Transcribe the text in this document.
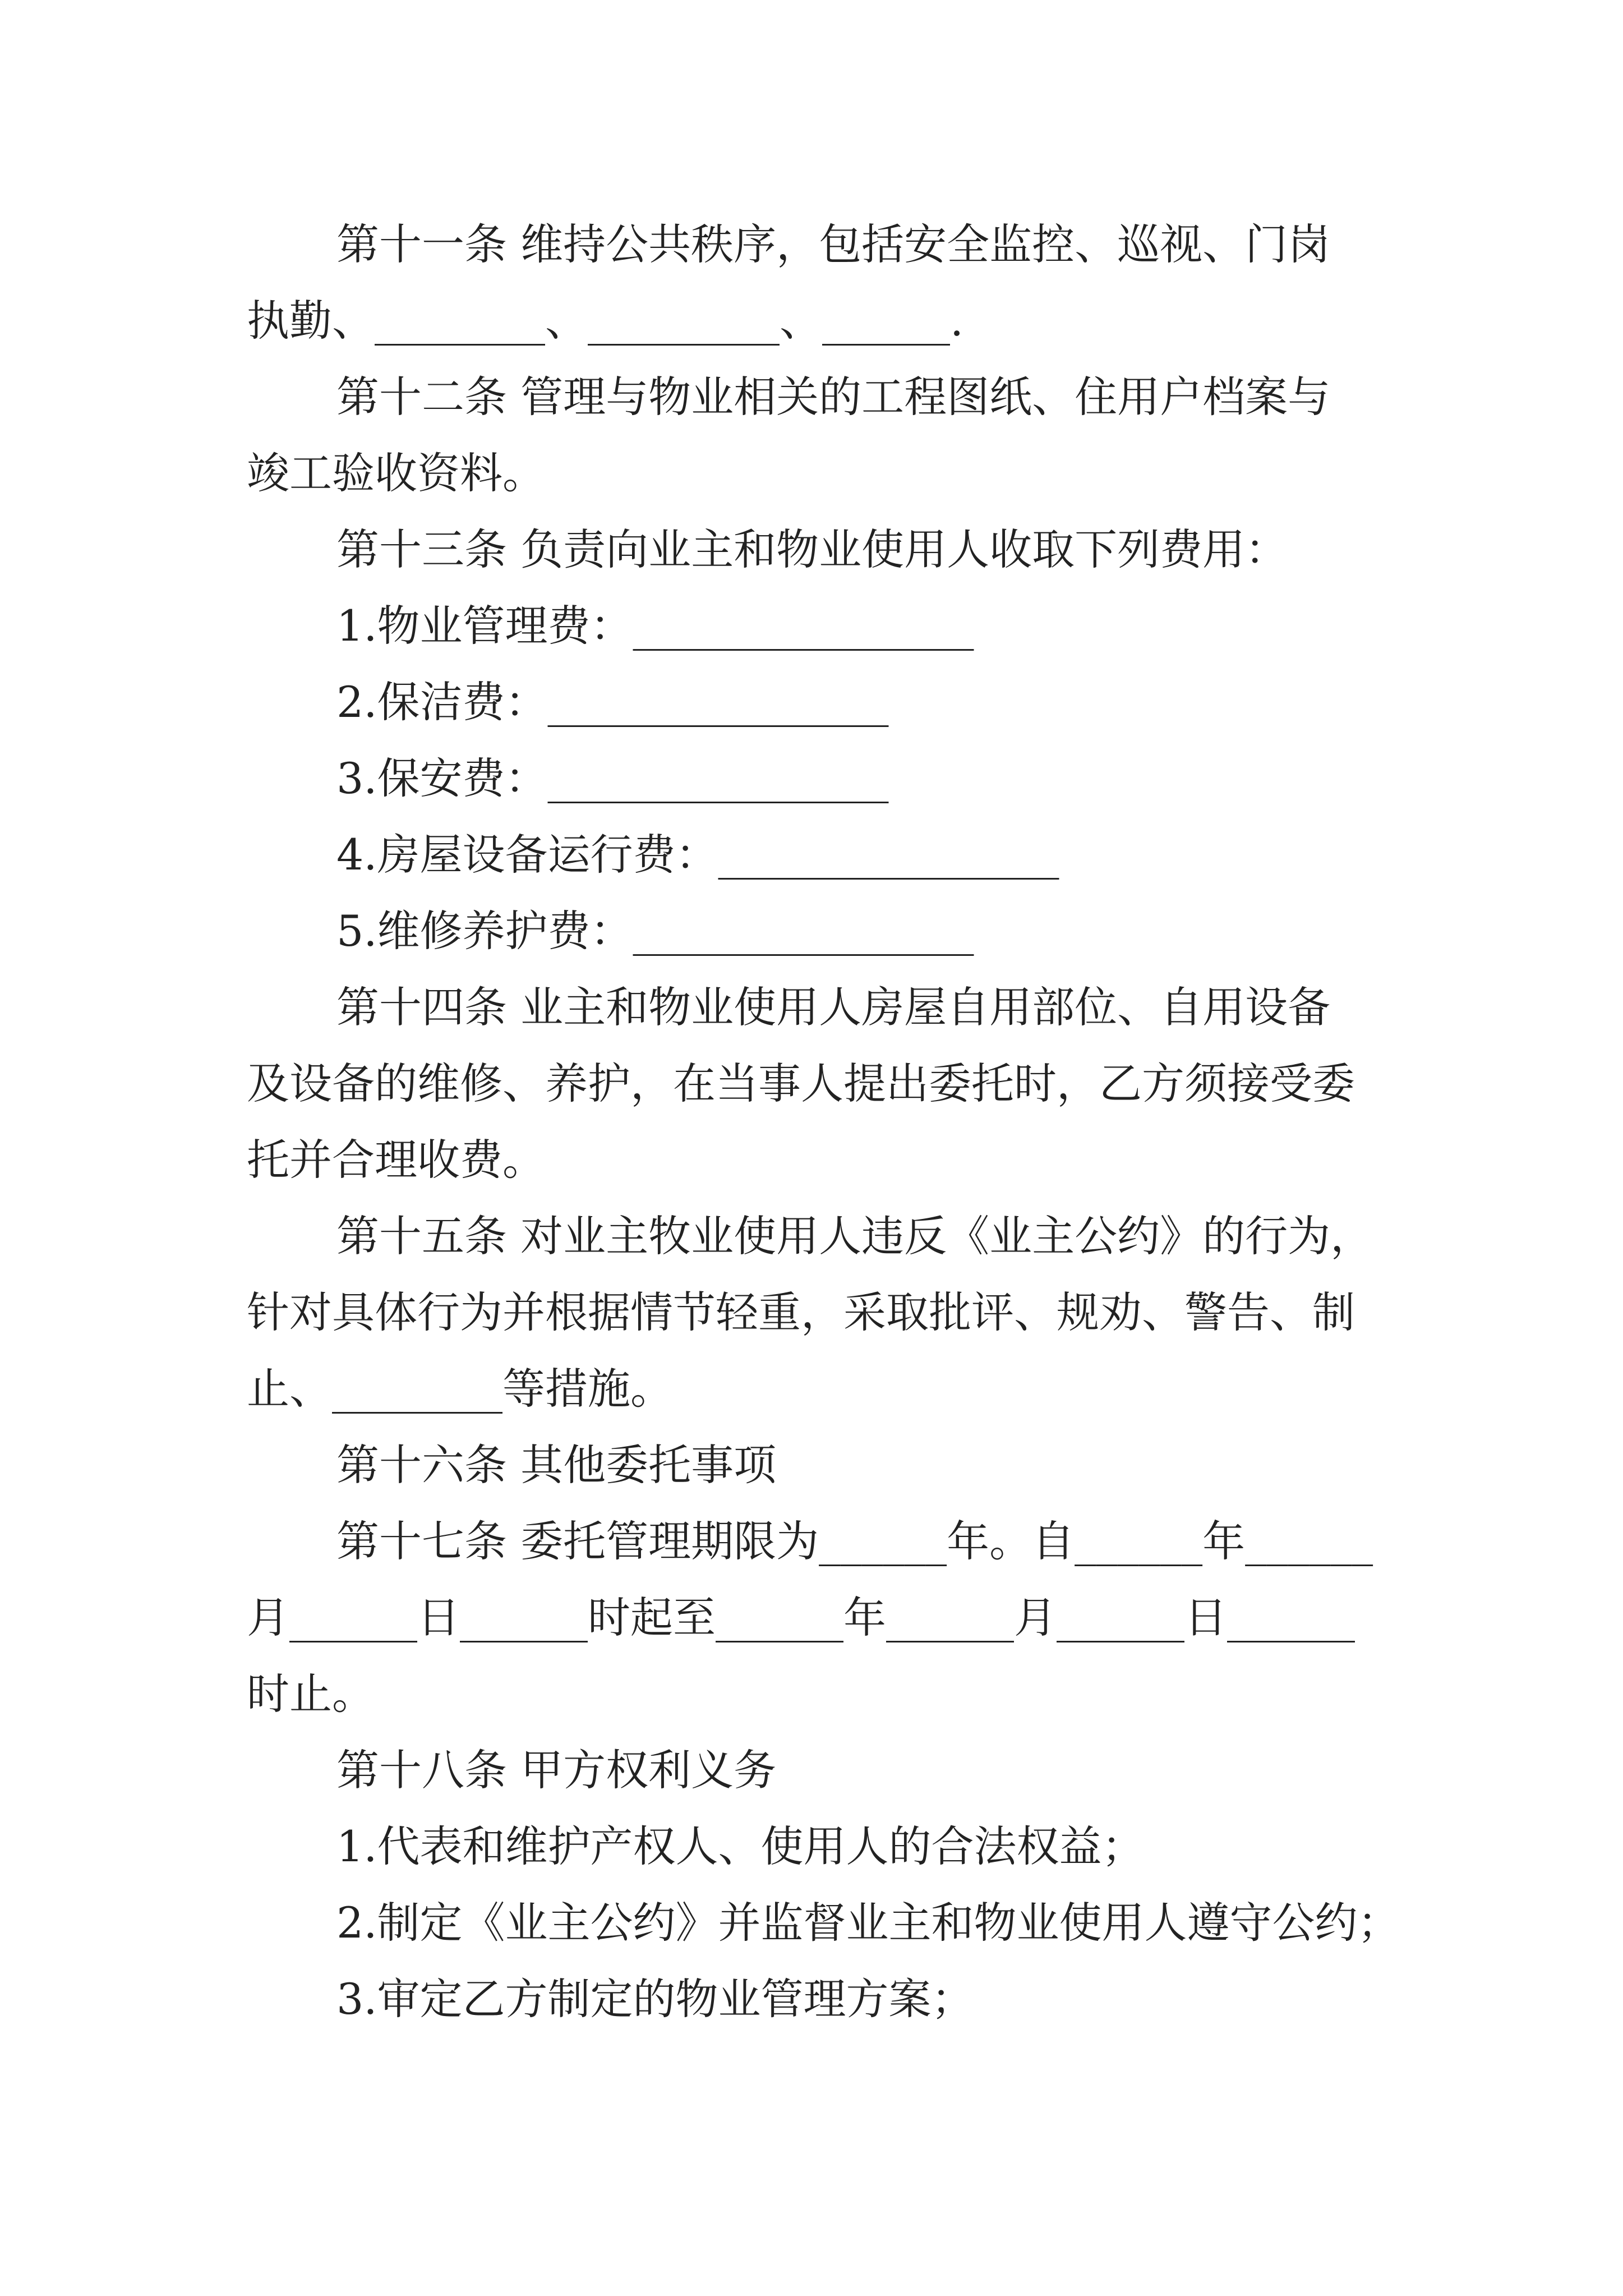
第十一条 维持公共秩序，包括安全监控、巡视、门岗

执勤、________、_________、______.

第十二条 管理与物业相关的工程图纸、住用户档案与

竣工验收资料。

第十三条 负责向业主和物业使用人收取下列费用：

1.物业管理费：________________

2.保洁费：________________

3.保安费：________________

4.房屋设备运行费：________________

5.维修养护费：________________

第十四条 业主和物业使用人房屋自用部位、自用设备

及设备的维修、养护，在当事人提出委托时，乙方须接受委

托并合理收费。

第十五条 对业主牧业使用人违反《业主公约》的行为，

针对具体行为并根据情节轻重，采取批评、规劝、警告、制

止、________等措施。

第十六条 其他委托事项

第十七条 委托管理期限为______年。自______年______

月______日______时起至______年______月______日______

时止。

第十八条 甲方权利义务

1.代表和维护产权人、使用人的合法权益；

2.制定《业主公约》并监督业主和物业使用人遵守公约；

3.审定乙方制定的物业管理方案；
